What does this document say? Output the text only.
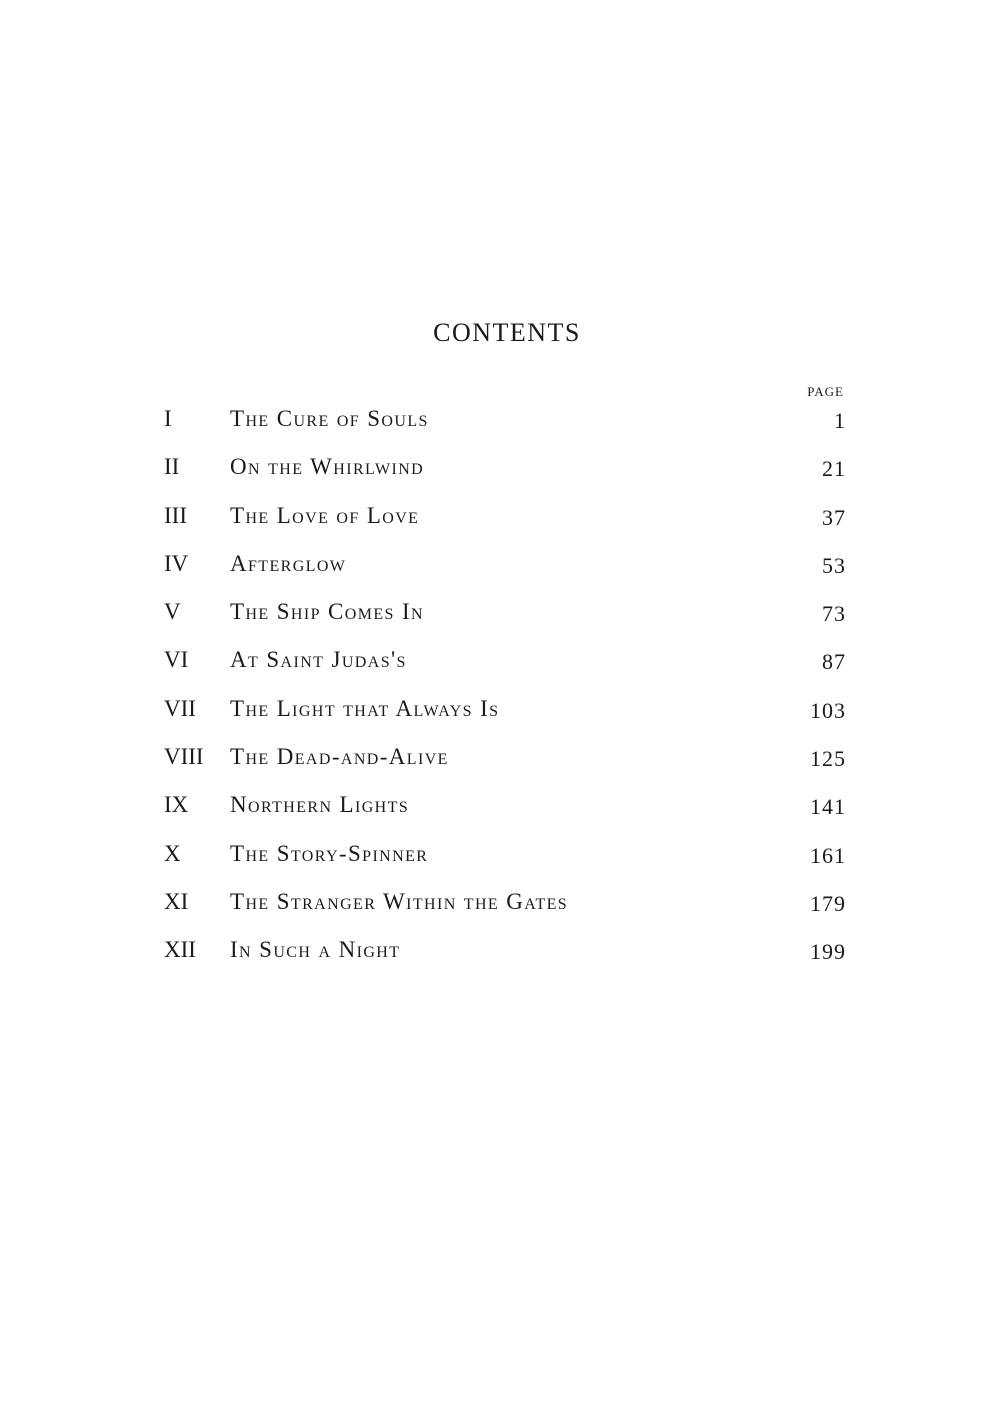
CONTENTS
PAGE
I	The Cure of Souls	1
II On the Whirlwind	21
III The Love of Love	37
IV Afterglow	53
V The Ship Comes In	73
VI At Saint Judas's	87
VII The Light that Always Is	103
VIII The Dead-and-Alive	125
IX Northern Lights	141
X The Story-Spinner	161
XI The Stranger Within the Gates	179
XII In Such a Night	199
